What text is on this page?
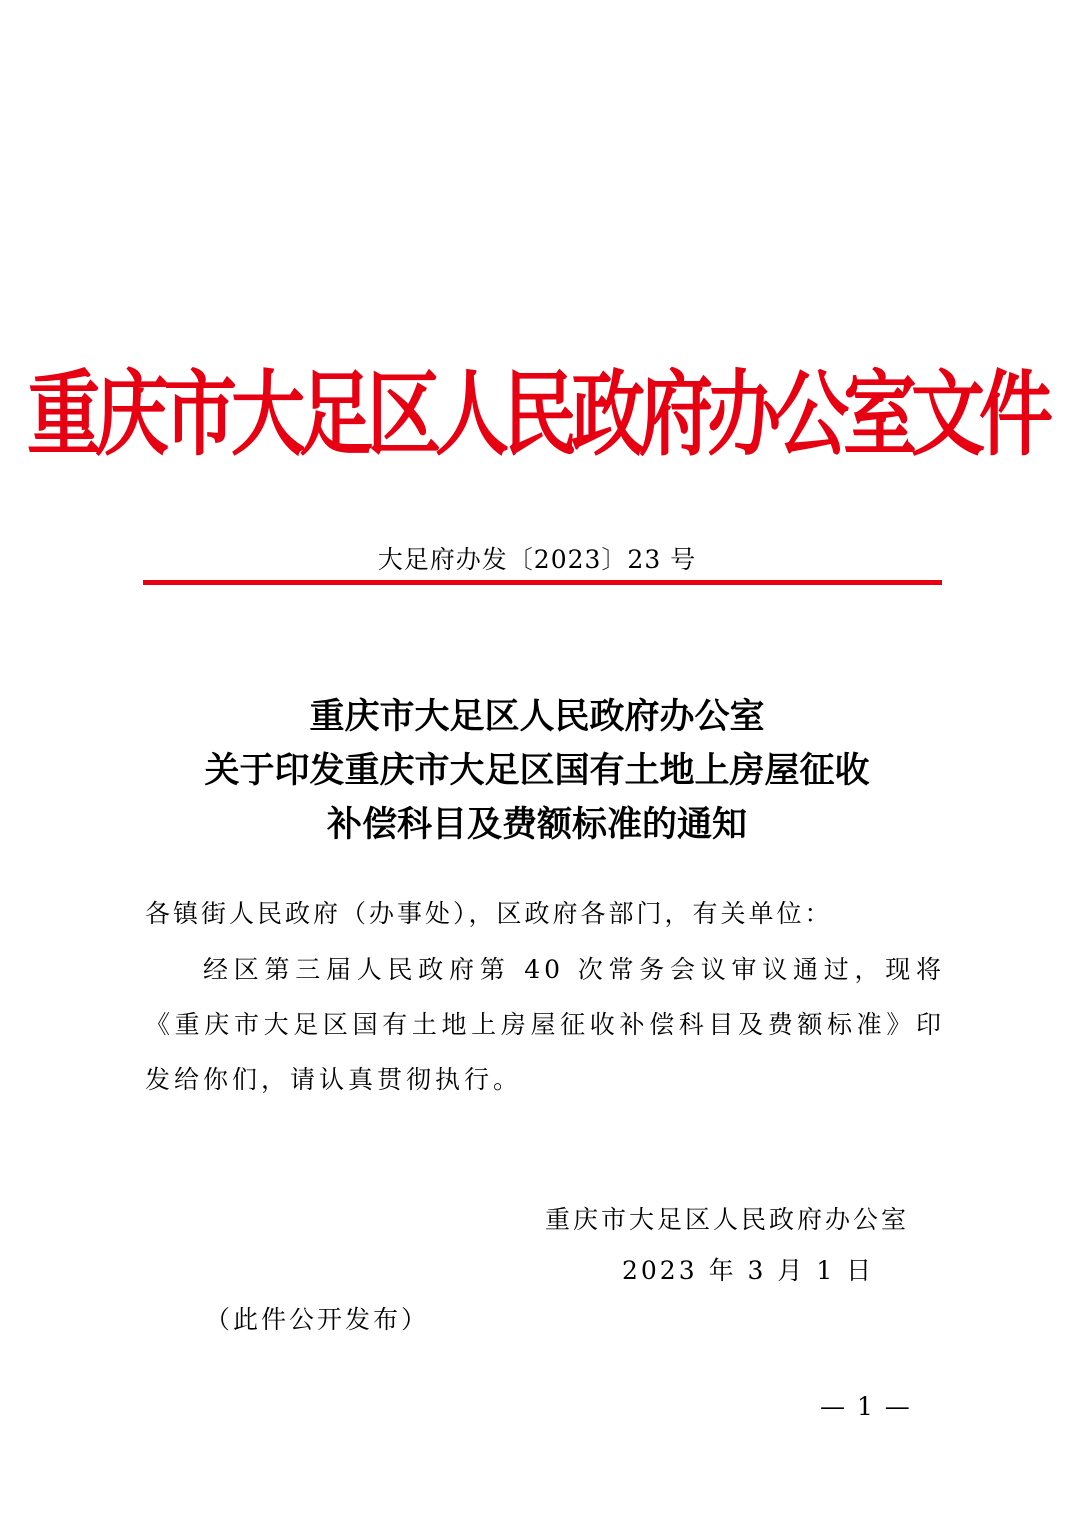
重庆市大足区人民政府办公室文件
大足府办发〔2023〕23 号
重庆市大足区人民政府办公室
关于印发重庆市大足区国有土地上房屋征收
补偿科目及费额标准的通知
各镇街人民政府（办事处），区政府各部门，有关单位：
经区第三届人民政府第 40 次常务会议审议通过，现将《重庆市大足区国有土地上房屋征收补偿科目及费额标准》印发给你们，请认真贯彻执行。
重庆市大足区人民政府办公室
2023 年 3 月 1 日
（此件公开发布）
— 1 —
